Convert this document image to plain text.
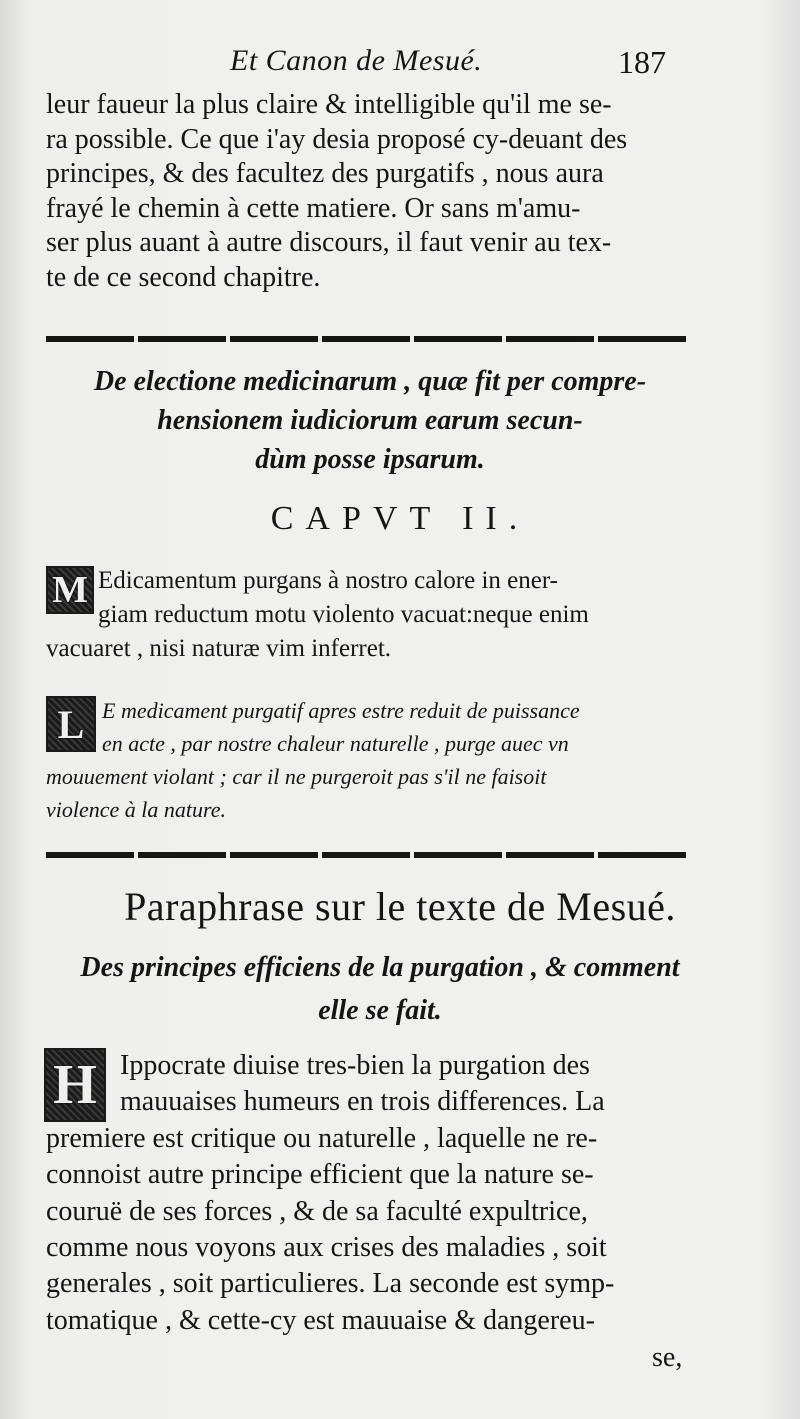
Et Canon de Mesué.	187
leur faueur la plus claire & intelligible qu'il me se-
ra possible. Ce que i'ay desia proposé cy-deuant des
principes, & des facultez des purgatifs , nous aura
frayé le chemin à cette matiere. Or sans m'amu-
ser plus auant à autre discours, il faut venir au tex-
te de ce second chapitre.
De electione medicinarum , quæ fit per compre-
hensionem iudiciorum earum secun-
dùm posse ipsarum.
CAPVT II.
M Edicamentum purgans à nostro calore in ener-
giam reductum motu violento vacuat:neque enim
vacuaret , nisi naturæ vim inferret.
L E medicament purgatif apres estre reduit de puissance
en acte , par nostre chaleur naturelle , purge auec vn
mouuement violant ; car il ne purgeroit pas s'il ne faisoit
violence à la nature.
Paraphrase sur le texte de Mesué.
Des principes efficiens de la purgation , & comment
elle se fait.
H Ippocrate diuise tres-bien la purgation des
mauuaises humeurs en trois differences. La
premiere est critique ou naturelle , laquelle ne re-
connoist autre principe efficient que la nature se-
couruë de ses forces , & de sa faculté expultrice,
comme nous voyons aux crises des maladies , soit
generales , soit particulieres. La seconde est symp-
tomatique , & cette-cy est mauuaise & dangereu-
se,
